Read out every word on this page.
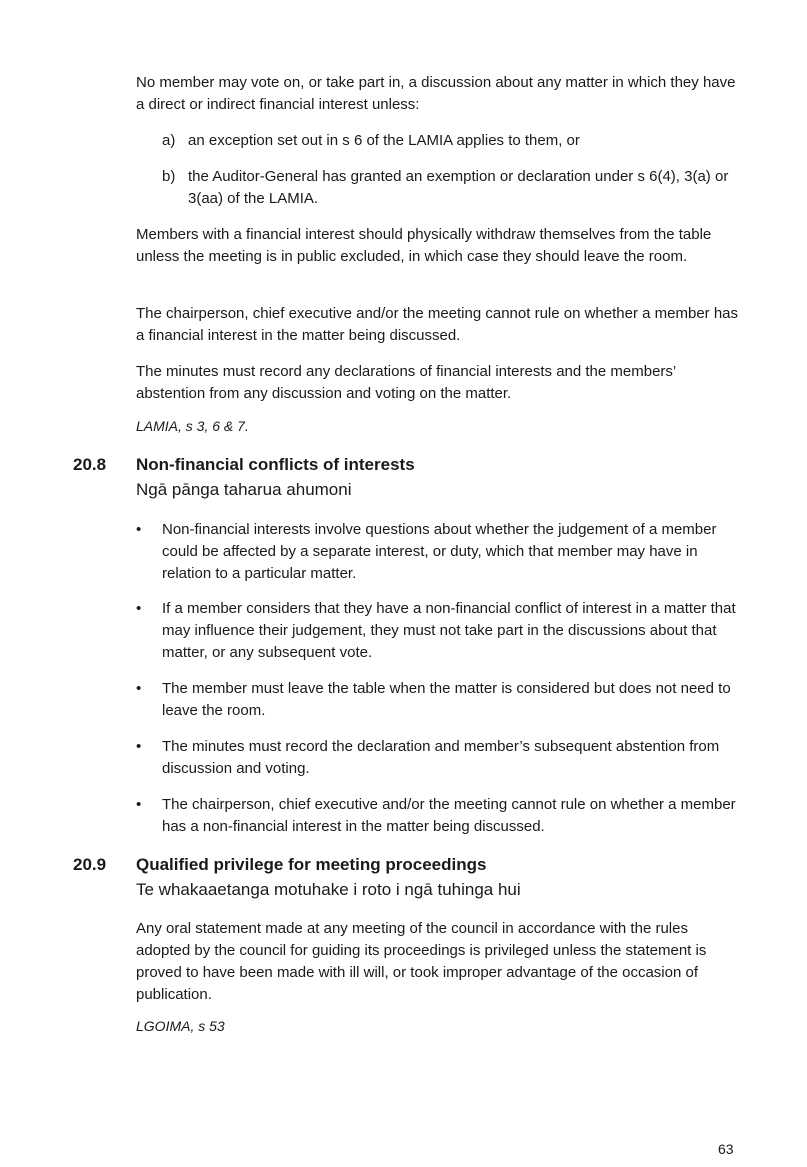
No member may vote on, or take part in, a discussion about any matter in which they have a direct or indirect financial interest unless:

a) an exception set out in s 6 of the LAMIA applies to them, or
b) the Auditor-General has granted an exemption or declaration under s 6(4), 3(a) or 3(aa) of the LAMIA.

Members with a financial interest should physically withdraw themselves from the table unless the meeting is in public excluded, in which case they should leave the room.

The chairperson, chief executive and/or the meeting cannot rule on whether a member has a financial interest in the matter being discussed.

The minutes must record any declarations of financial interests and the members’ abstention from any discussion and voting on the matter.

LAMIA, s 3, 6 & 7.
20.8 Non-financial conflicts of interests
Ngā pānga taharua ahumoni
•	Non-financial interests involve questions about whether the judgement of a member could be affected by a separate interest, or duty, which that member may have in relation to a particular matter.
•	If a member considers that they have a non-financial conflict of interest in a matter that may influence their judgement, they must not take part in the discussions about that matter, or any subsequent vote.
•	The member must leave the table when the matter is considered but does not need to leave the room.
•	The minutes must record the declaration and member’s subsequent abstention from discussion and voting.
•	The chairperson, chief executive and/or the meeting cannot rule on whether a member has a non-financial interest in the matter being discussed.
20.9 Qualified privilege for meeting proceedings
Te whakaaetanga motuhake i roto i ngā tuhinga hui

Any oral statement made at any meeting of the council in accordance with the rules adopted by the council for guiding its proceedings is privileged unless the statement is proved to have been made with ill will, or took improper advantage of the occasion of publication.

LGOIMA, s 53
63
